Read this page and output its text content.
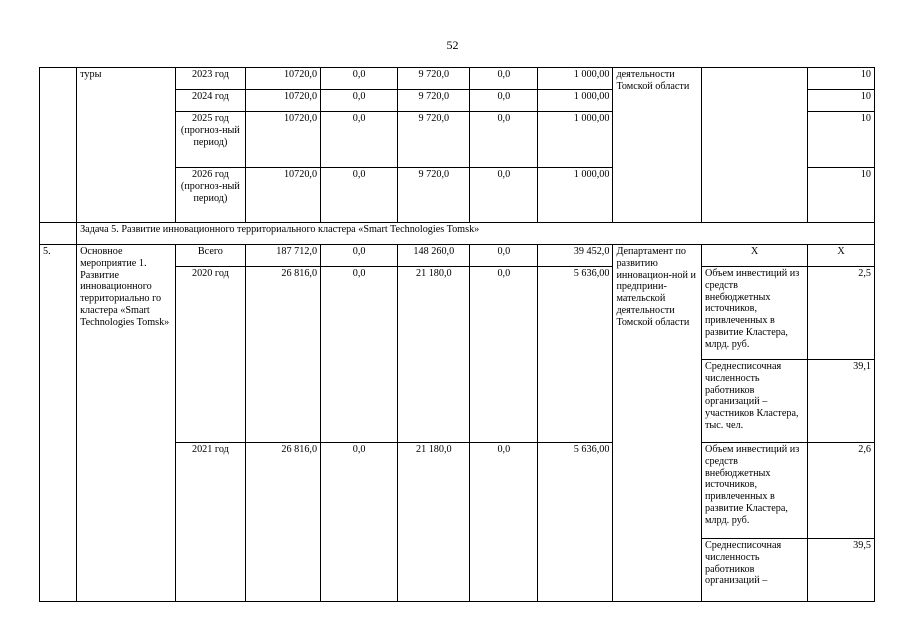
52
	туры	2023 год	10720,0	0,0	9 720,0	0,0	1 000,00	деятельности Томской области		10
		2024 год	10720,0	0,0	9 720,0	0,0	1 000,00			10
		2025 год (прогноз-ный период)	10720,0	0,0	9 720,0	0,0	1 000,00			10
		2026 год (прогноз-ный период)	10720,0	0,0	9 720,0	0,0	1 000,00			10
	Задача 5. Развитие инновационного территориального кластера «Smart Technologies Tomsk»									
5.	Основное мероприятие 1. Развитие инновационного территориально го кластера «Smart Technologies Tomsk»	Всего	187 712,0	0,0	148 260,0	0,0	39 452,0	Департамент по развитию инновацион-ной и предприни-мательской деятельности Томской области	X	X
		2020 год	26 816,0	0,0	21 180,0	0,0	5 636,00		Объем инвестиций из средств внебюджетных источников, привлеченных в развитие Кластера, млрд. руб.	2,5
									Среднесписочная численность работников организаций – участников Кластера, тыс. чел.	39,1
		2021 год	26 816,0	0,0	21 180,0	0,0	5 636,00		Объем инвестиций из средств внебюджетных источников, привлеченных в развитие Кластера, млрд. руб.	2,6
									Среднесписочная численность работников организаций –	39,5
